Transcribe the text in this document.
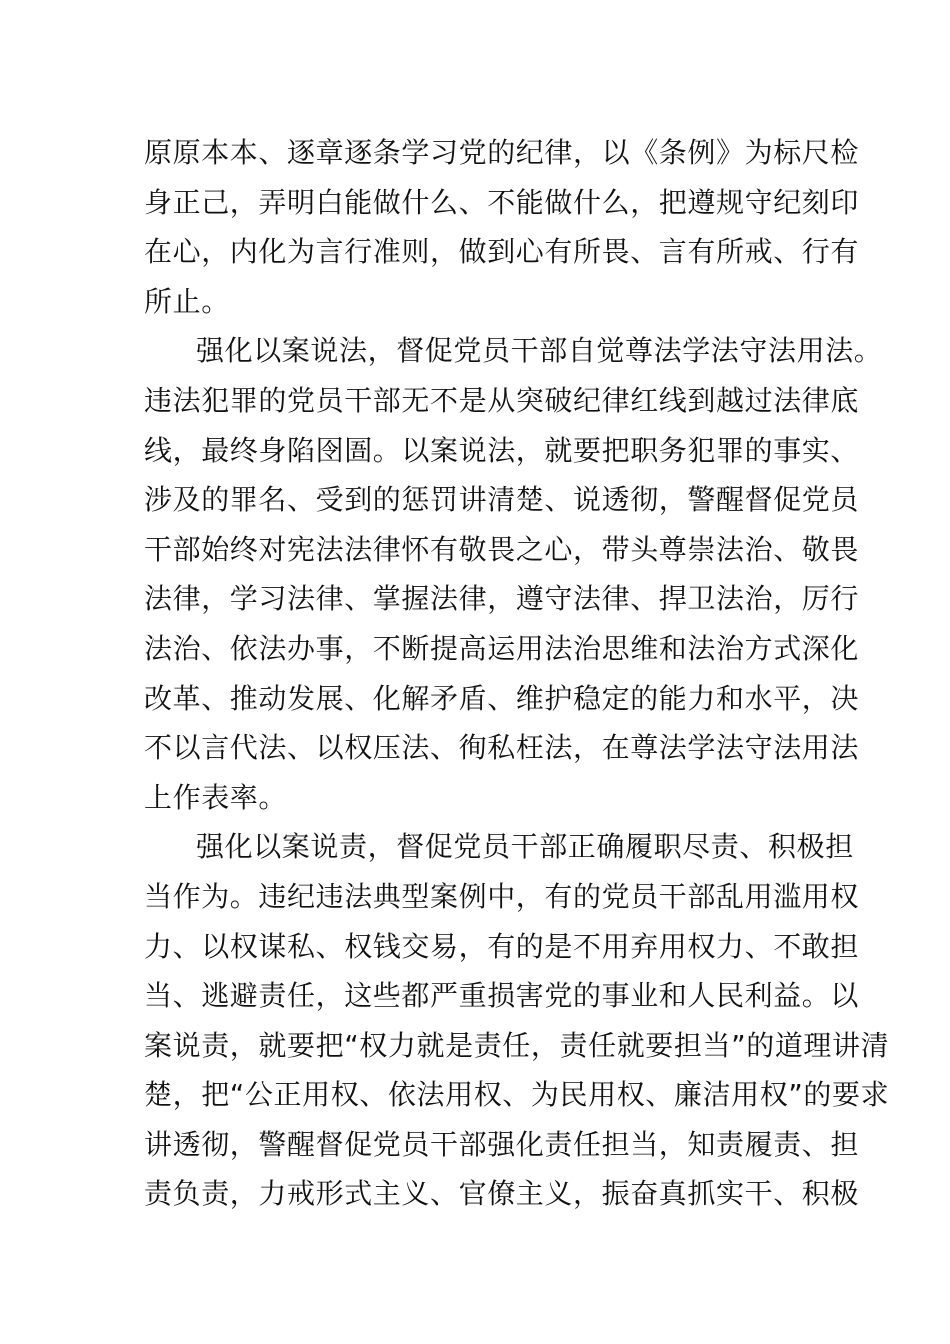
原原本本、逐章逐条学习党的纪律，以《条例》为标尺检
身正己，弄明白能做什么、不能做什么，把遵规守纪刻印
在心，内化为言行准则，做到心有所畏、言有所戒、行有
所止。
强化以案说法，督促党员干部自觉尊法学法守法用法。
违法犯罪的党员干部无不是从突破纪律红线到越过法律底
线，最终身陷囹圄。以案说法，就要把职务犯罪的事实、
涉及的罪名、受到的惩罚讲清楚、说透彻，警醒督促党员
干部始终对宪法法律怀有敬畏之心，带头尊崇法治、敬畏
法律，学习法律、掌握法律，遵守法律、捍卫法治，厉行
法治、依法办事，不断提高运用法治思维和法治方式深化
改革、推动发展、化解矛盾、维护稳定的能力和水平，决
不以言代法、以权压法、徇私枉法，在尊法学法守法用法
上作表率。
强化以案说责，督促党员干部正确履职尽责、积极担
当作为。违纪违法典型案例中，有的党员干部乱用滥用权
力、以权谋私、权钱交易，有的是不用弃用权力、不敢担
当、逃避责任，这些都严重损害党的事业和人民利益。以
案说责，就要把“权力就是责任，责任就要担当”的道理讲清
楚，把“公正用权、依法用权、为民用权、廉洁用权”的要求
讲透彻，警醒督促党员干部强化责任担当，知责履责、担
责负责，力戒形式主义、官僚主义，振奋真抓实干、积极
